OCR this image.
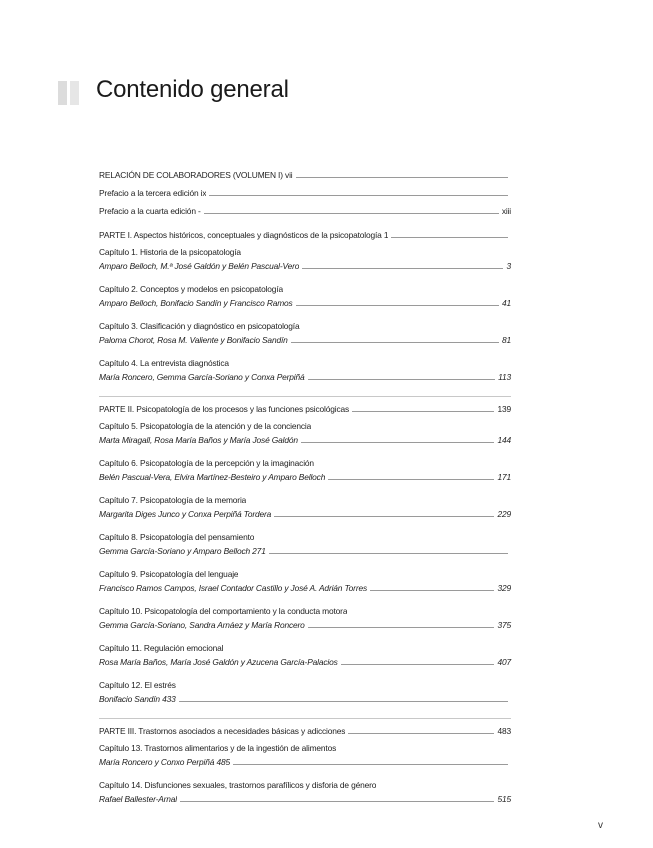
Contenido general
RELACIÓN DE COLABORADORES (VOLUMEN I) vii
Prefacio a la tercera edición ix
Prefacio a la cuarta edición -	xiii
PARTE I. Aspectos históricos, conceptuales y diagnósticos de la psicopatología 1
Capítulo 1. Historia de la psicopatología
Amparo Belloch, M.ª José Galdón y Belén Pascual-Vero	3
Capítulo 2. Conceptos y modelos en psicopatología
Amparo Belloch, Bonifacio Sandín y Francisco Ramos	41
Capítulo 3. Clasificación y diagnóstico en psicopatología
Paloma Chorot, Rosa M. Valiente y Bonifacio Sandín	81
Capítulo 4. La entrevista diagnóstica
María Roncero, Gemma García-Soriano y Conxa Perpiñá	113
PARTE II. Psicopatología de los procesos y las funciones psicológicas	139
Capítulo 5. Psicopatología de la atención y de la conciencia
Marta Miragall, Rosa María Baños y María José Galdón	144
Capítulo 6. Psicopatología de la percepción y la imaginación
Belén Pascual-Vera, Elvira Martínez-Besteiro y Amparo Belloch	171
Capítulo 7. Psicopatología de la memoria
Margarita Diges Junco y Conxa Perpiñá Tordera	229
Capítulo 8. Psicopatología del pensamiento
Gemma García-Soriano y Amparo Belloch 271
Capítulo 9. Psicopatología del lenguaje
Francisco Ramos Campos, Israel Contador Castillo y José A. Adrián Torres	329
Capítulo 10. Psicopatología del comportamiento y la conducta motora
Gemma García-Soriano, Sandra Arnáez y María Roncero	375
Capítulo 11. Regulación emocional
Rosa María Baños, María José Galdón y Azucena García-Palacios	407
Capítulo 12. El estrés
Bonifacio Sandín 433
PARTE III. Trastornos asociados a necesidades básicas y adicciones	483
Capítulo 13. Trastornos alimentarios y de la ingestión de alimentos
María Roncero y Conxo Perpiñá 485
Capítulo 14. Disfunciones sexuales, trastornos parafílicos y disforia de género
Rafael Ballester-Arnal	515
v
